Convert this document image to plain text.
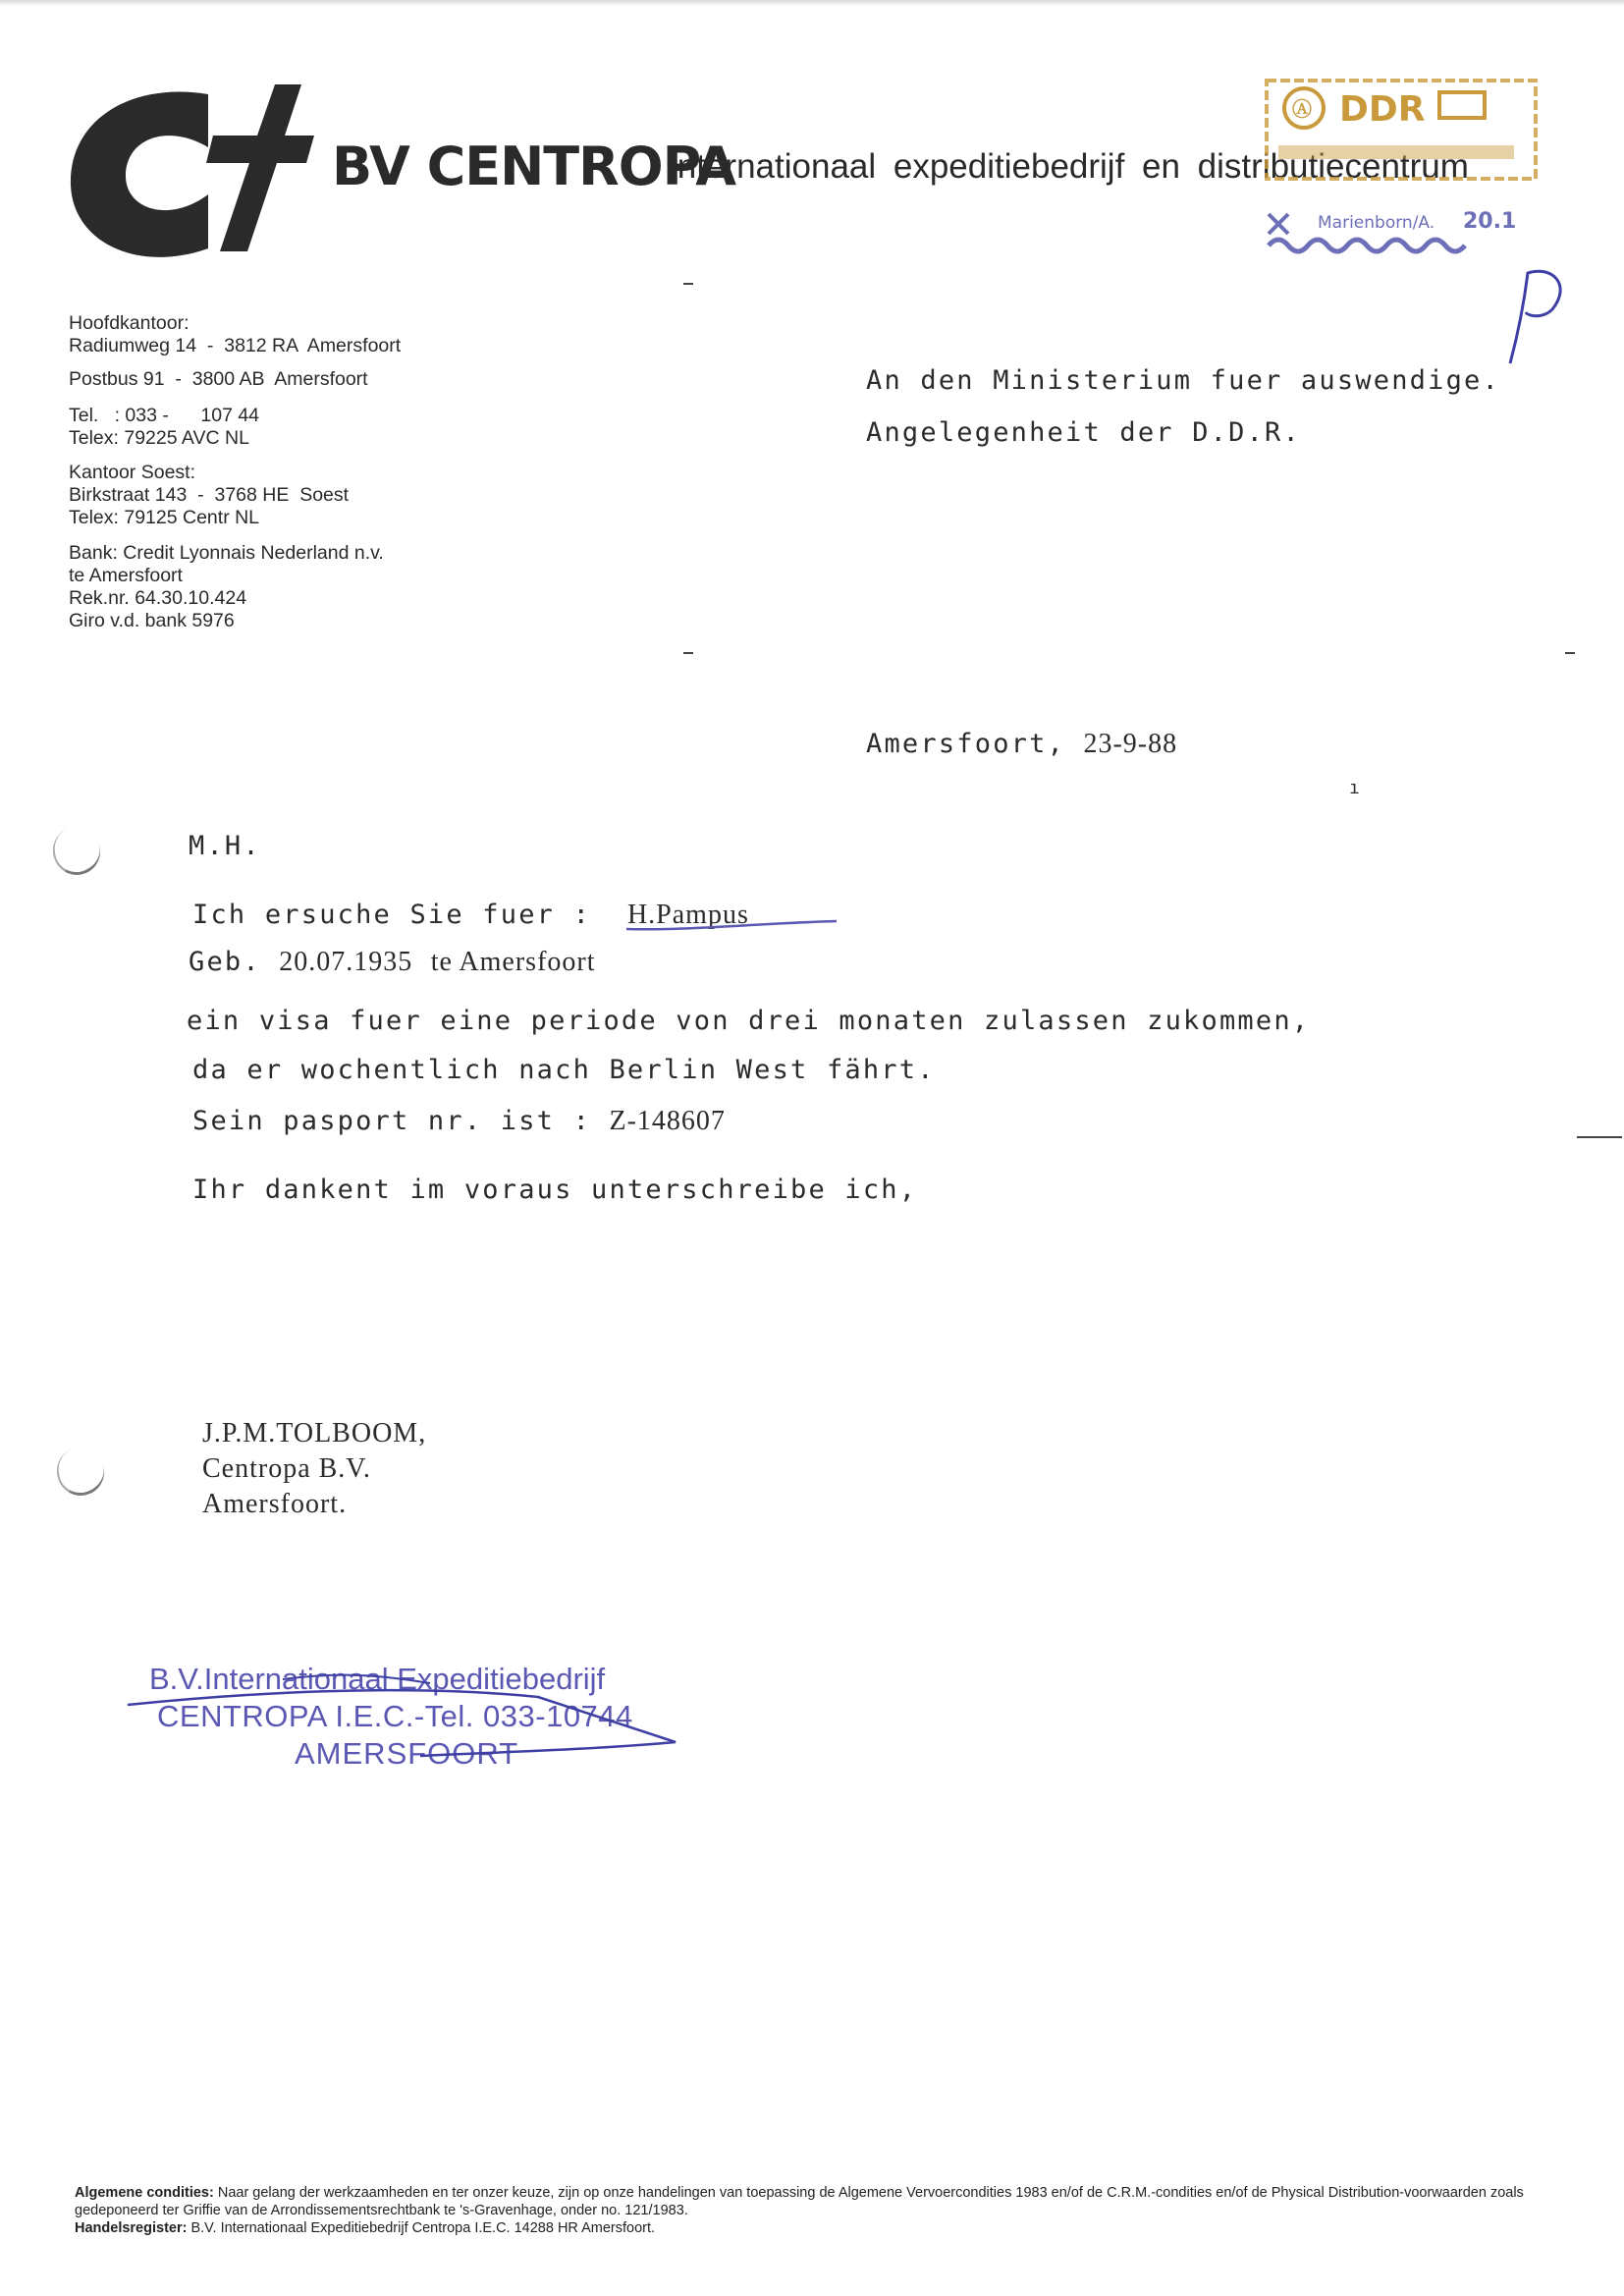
BV CENTROPA
internationaal expeditiebedrijf en distributiecentrum
Ⓐ DDR
Marienborn/A. 20.1
Hoofdkantoor:
Radiumweg 14  -  3812 RA  Amersfoort
Postbus 91  -  3800 AB  Amersfoort
Tel.   : 033 -      107 44
Telex: 79225 AVC NL
Kantoor Soest:
Birkstraat 143  -  3768 HE  Soest
Telex: 79125 Centr NL
Bank: Credit Lyonnais Nederland n.v.
te Amersfoort
Rek.nr. 64.30.10.424
Giro v.d. bank 5976
An den Ministerium fuer auswendige.
Angelegenheit der D.D.R.
Amersfoort, 23-9-88
ı
M.H.
Ich ersuche Sie fuer : H.Pampus
Geb. 20.07.1935 te Amersfoort
ein visa fuer eine periode von drei monaten zulassen zukommen,
da er wochentlich nach Berlin West fährt.
Sein pasport nr. ist : Z-148607
Ihr dankent im voraus unterschreibe ich,
J.P.M.TOLBOOM,
Centropa B.V.
Amersfoort.
B.V.Internationaal Expeditiebedrijf
CENTROPA I.E.C.-Tel. 033-10744
AMERSFOORT
Algemene condities: Naar gelang der werkzaamheden en ter onzer keuze, zijn op onze handelingen van toepassing de Algemene Vervoercondities 1983 en/of de C.R.M.-condities en/of de Physical Distribution-voorwaarden zoals gedeponeerd ter Griffie van de Arrondissementsrechtbank te 's-Gravenhage, onder no. 121/1983.
Handelsregister: B.V. Internationaal Expeditiebedrijf Centropa I.E.C. 14288 HR Amersfoort.
